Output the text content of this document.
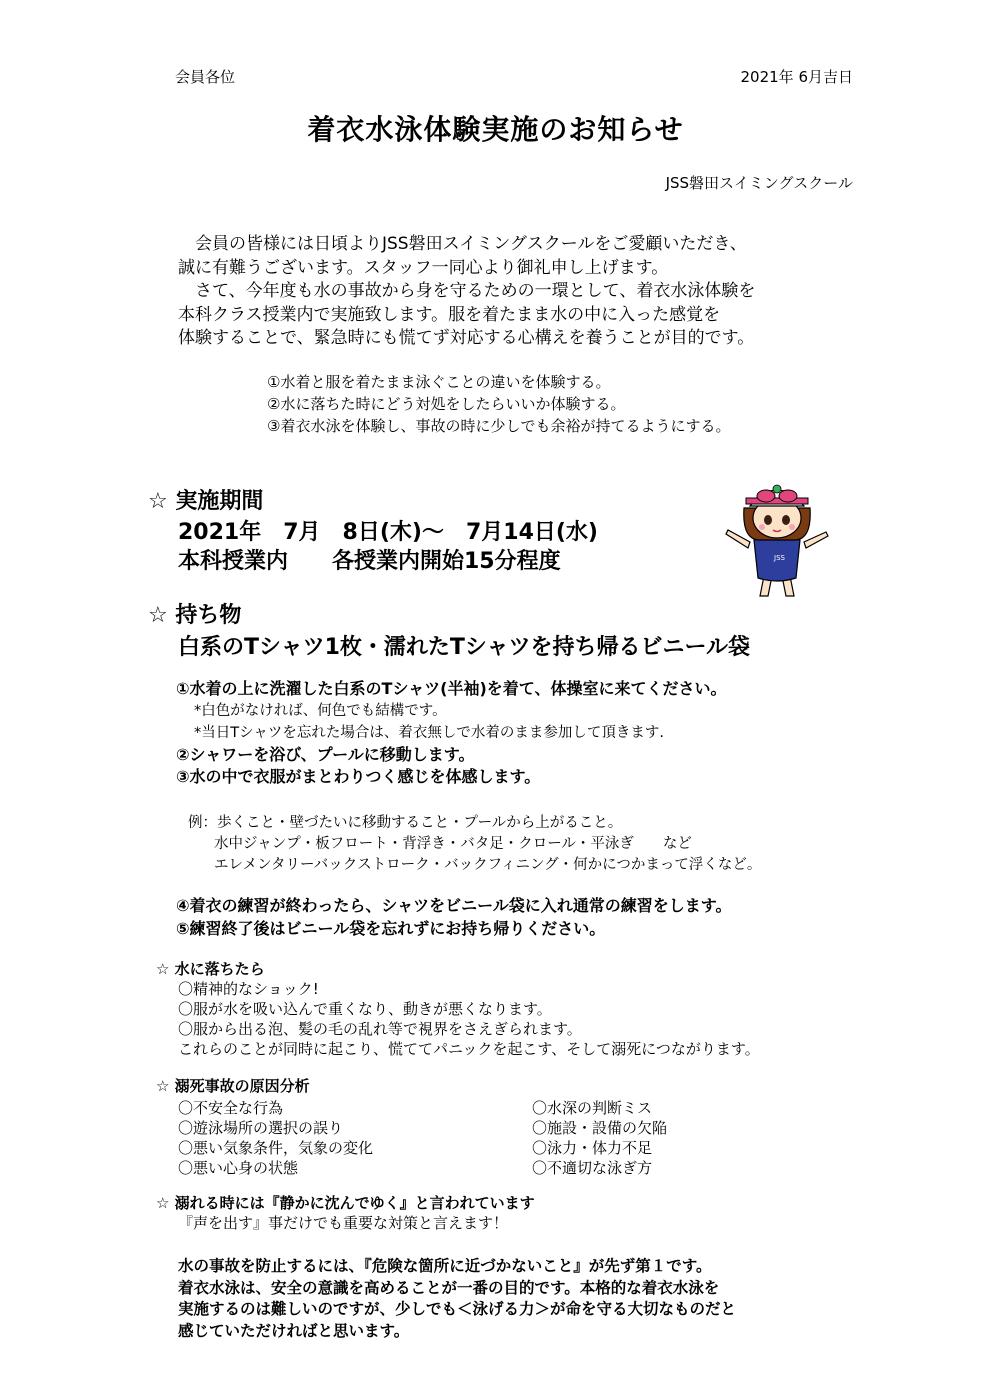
会員各位	2021年 6月吉日
着衣水泳体験実施のお知らせ
JSS磐田スイミングスクール
　会員の皆様には日頃よりJSS磐田スイミングスクールをご愛顧いただき、
誠に有難うございます。スタッフ一同心より御礼申し上げます。
　さて、今年度も水の事故から身を守るための一環として、着衣水泳体験を
本科クラス授業内で実施致します。服を着たまま水の中に入った感覚を
体験することで、緊急時にも慌てず対応する心構えを養うことが目的です。
①水着と服を着たまま泳ぐことの違いを体験する。
②水に落ちた時にどう対処をしたらいいか体験する。
③着衣水泳を体験し、事故の時に少しでも余裕が持てるようにする。
☆ 実施期間
2021年　7月　8日(木)～　7月14日(水)
本科授業内　　各授業内開始15分程度	JSS
☆ 持ち物
白系のTシャツ1枚・濡れたTシャツを持ち帰るビニール袋
①水着の上に洗濯した白系のTシャツ(半袖)を着て、体操室に来てください。
*白色がなければ、何色でも結構です。
*当日Tシャツを忘れた場合は、着衣無しで水着のまま参加して頂きます.
②シャワーを浴び、プールに移動します。
③水の中で衣服がまとわりつく感じを体感します。
例：歩くこと・壁づたいに移動すること・プールから上がること。
水中ジャンプ・板フロート・背浮き・バタ足・クロール・平泳ぎ　　など
エレメンタリーバックストローク・バックフィニング・何かにつかまって浮くなど。
④着衣の練習が終わったら、シャツをビニール袋に入れ通常の練習をします。
⑤練習終了後はビニール袋を忘れずにお持ち帰りください。
☆ 水に落ちたら
〇精神的なショック!
〇服が水を吸い込んで重くなり、動きが悪くなります。
〇服から出る泡、髪の毛の乱れ等で視界をさえぎられます。
これらのことが同時に起こり、慌ててパニックを起こす、そして溺死につながります。
☆ 溺死事故の原因分析
〇不安全な行為	〇水深の判断ミス
〇遊泳場所の選択の誤り	〇施設・設備の欠陥
〇悪い気象条件，気象の変化	〇泳力・体力不足
〇悪い心身の状態	〇不適切な泳ぎ方
☆ 溺れる時には『静かに沈んでゆく』と言われています
『声を出す』事だけでも重要な対策と言えます！
水の事故を防止するには、『危険な箇所に近づかないこと』が先ず第１です。
着衣水泳は、安全の意識を高めることが一番の目的です。本格的な着衣水泳を
実施するのは難しいのですが、少しでも＜泳げる力＞が命を守る大切なものだと
感じていただければと思います。
